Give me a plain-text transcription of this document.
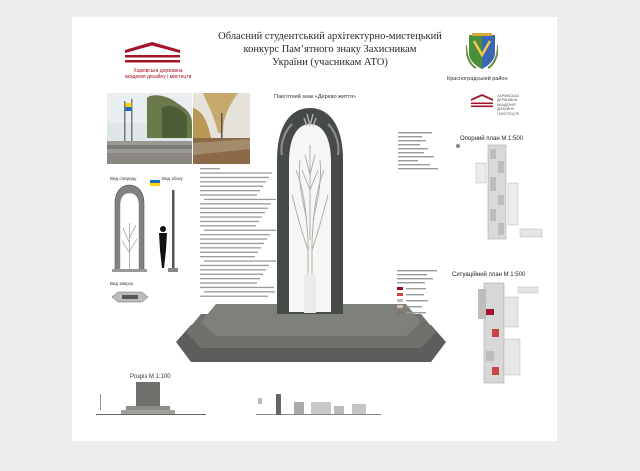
Харківська державна
академія дизайну і мистецтв
Обласний студентський архітектурно-мистецький
конкурс Пам’ятного знаку Захисникам
України (учасникам АТО)
Красноградський район
ХАРКІВСЬКА
ДЕРЖАВНА
АКАДЕМІЯ
ДИЗАЙНУ
І МИСТЕЦТВ
Пам’ятний знак «Дерево життя»
Вид спереду	Вид збоку
Вид зверху
Опорний план М 1:500
Ситуаційний план М 1:500
Розріз М 1:100
